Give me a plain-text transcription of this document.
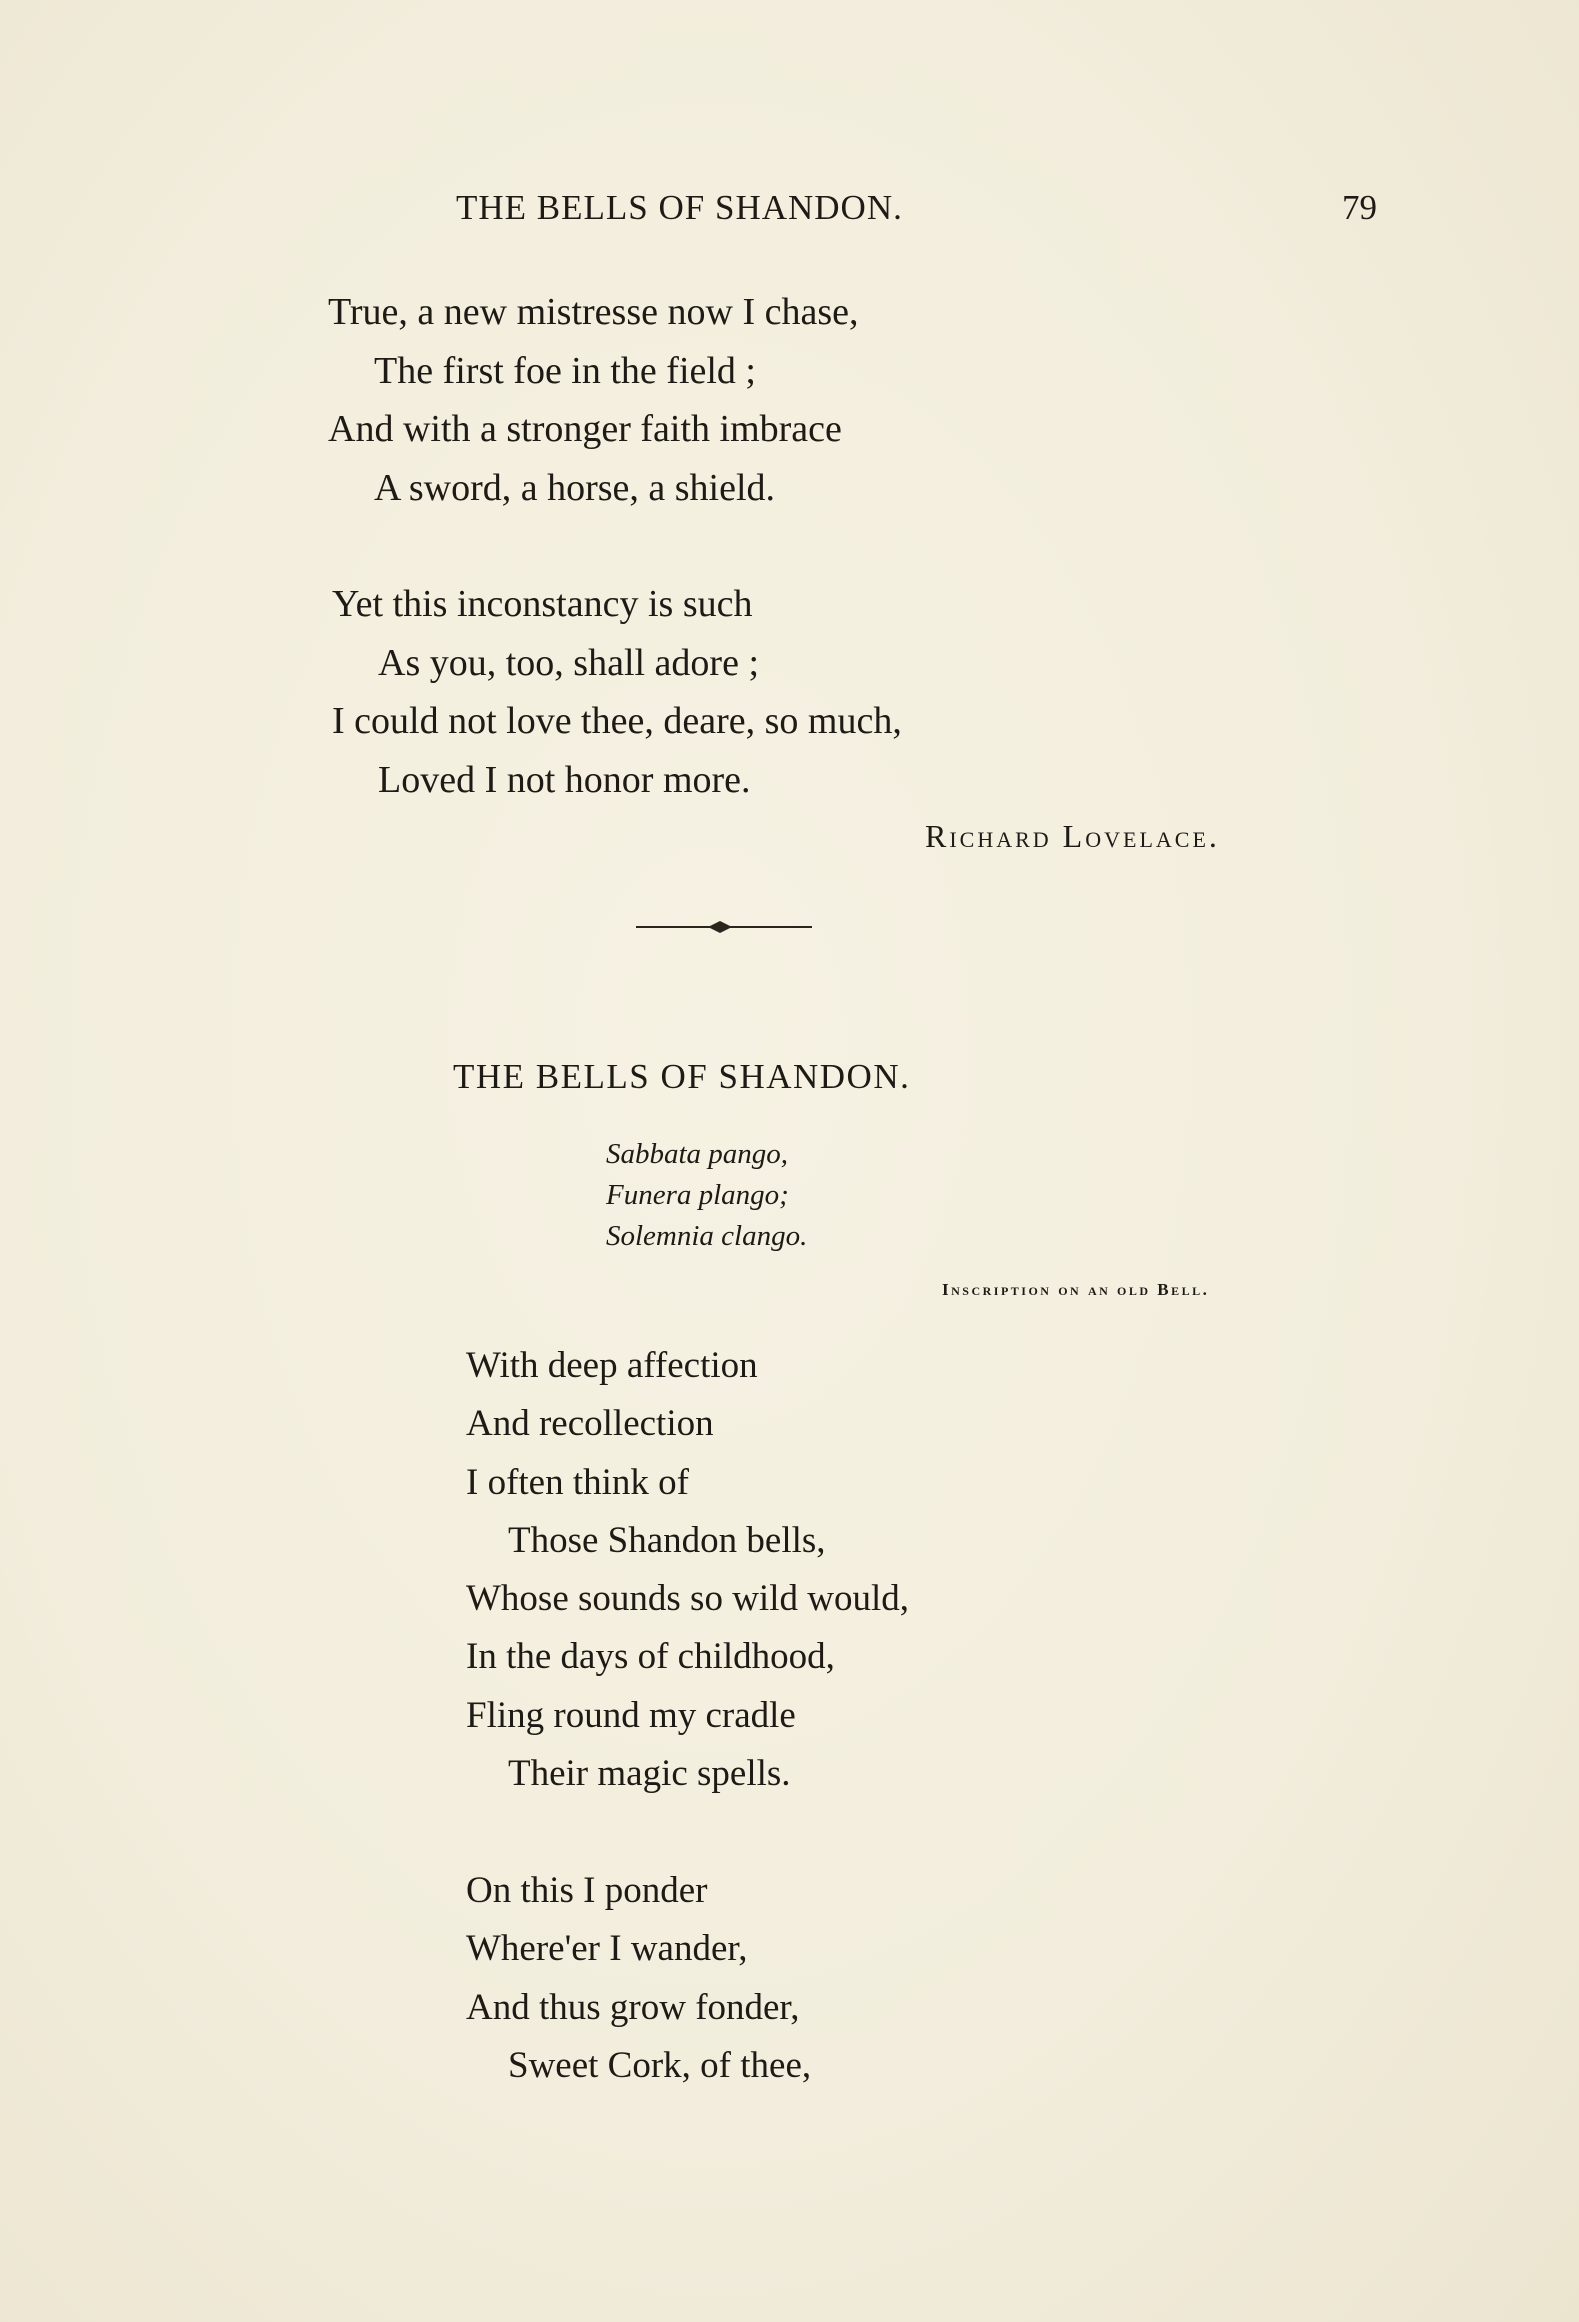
THE BELLS OF SHANDON.	79
True, a new mistresse now I chase,
The first foe in the field ;
And with a stronger faith imbrace
A sword, a horse, a shield.
Yet this inconstancy is such
As you, too, shall adore ;
I could not love thee, deare, so much,
Loved I not honor more.
Richard Lovelace.
THE BELLS OF SHANDON.
Sabbata pango,
Funera plango;
Solemnia clango.
Inscription on an old Bell.
With deep affection
And recollection
I often think of
Those Shandon bells,
Whose sounds so wild would,
In the days of childhood,
Fling round my cradle
Their magic spells.
On this I ponder
Where'er I wander,
And thus grow fonder,
Sweet Cork, of thee,
